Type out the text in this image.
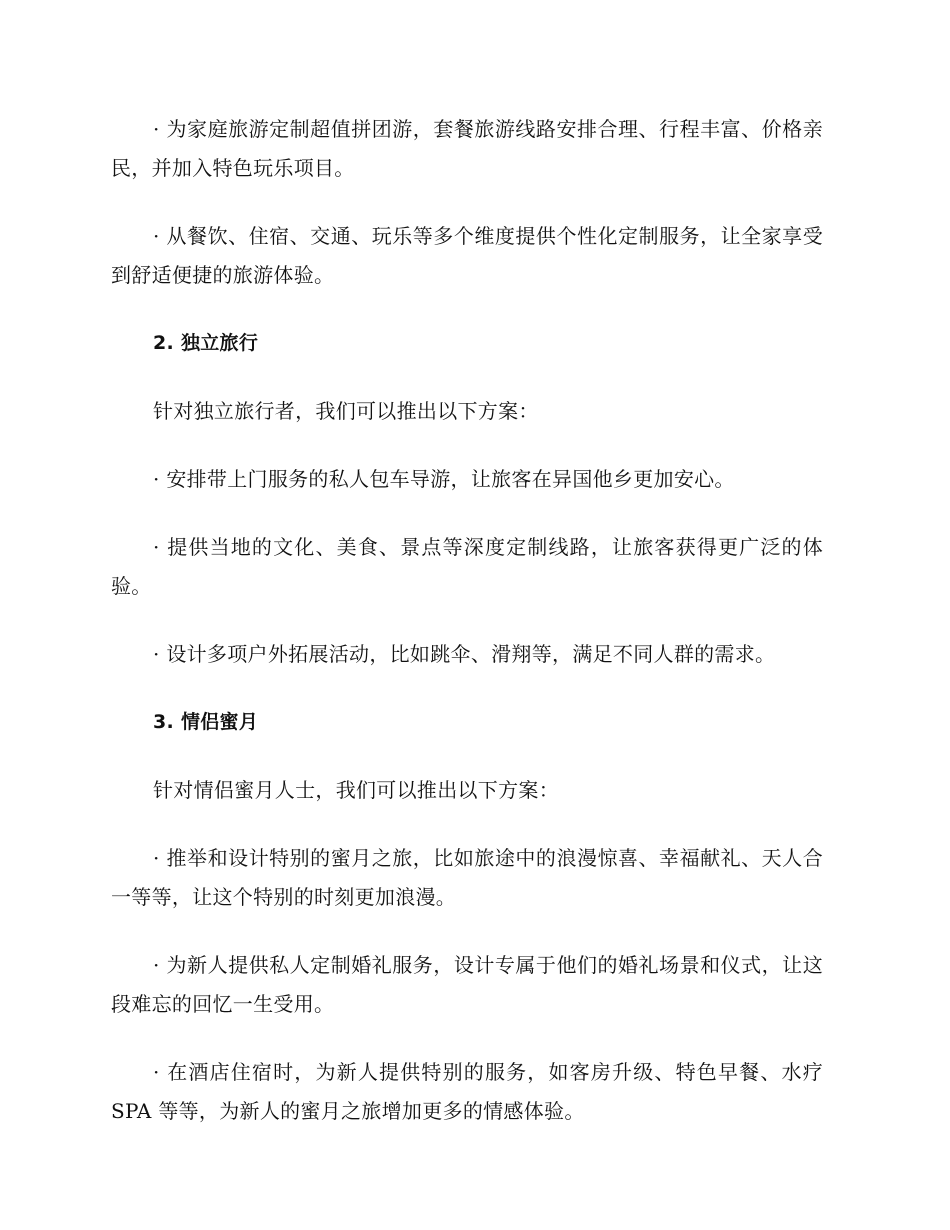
· 为家庭旅游定制超值拼团游，套餐旅游线路安排合理、行程丰富、价格亲民，并加入特色玩乐项目。

· 从餐饮、住宿、交通、玩乐等多个维度提供个性化定制服务，让全家享受到舒适便捷的旅游体验。

2. 独立旅行

针对独立旅行者，我们可以推出以下方案：

· 安排带上门服务的私人包车导游，让旅客在异国他乡更加安心。

· 提供当地的文化、美食、景点等深度定制线路，让旅客获得更广泛的体验。

· 设计多项户外拓展活动，比如跳伞、滑翔等，满足不同人群的需求。

3. 情侣蜜月

针对情侣蜜月人士，我们可以推出以下方案：

· 推举和设计特别的蜜月之旅，比如旅途中的浪漫惊喜、幸福献礼、天人合一等等，让这个特别的时刻更加浪漫。

· 为新人提供私人定制婚礼服务，设计专属于他们的婚礼场景和仪式，让这段难忘的回忆一生受用。

· 在酒店住宿时，为新人提供特别的服务，如客房升级、特色早餐、水疗 SPA 等等，为新人的蜜月之旅增加更多的情感体验。
